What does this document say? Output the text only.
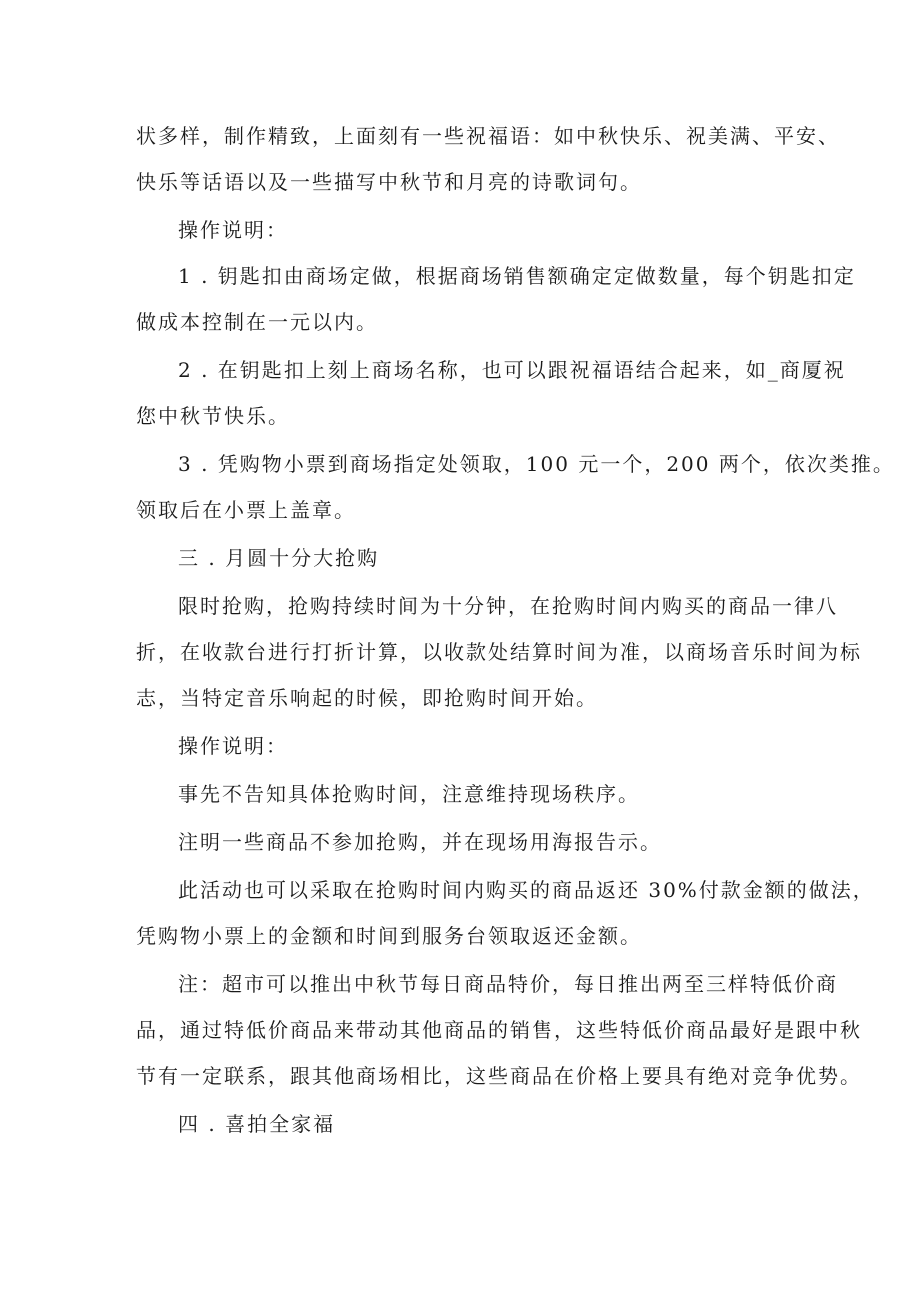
状多样，制作精致，上面刻有一些祝福语：如中秋快乐、祝美满、平安、
快乐等话语以及一些描写中秋节和月亮的诗歌词句。
操作说明：
1 . 钥匙扣由商场定做，根据商场销售额确定定做数量，每个钥匙扣定
做成本控制在一元以内。
2 . 在钥匙扣上刻上商场名称，也可以跟祝福语结合起来，如_商厦祝
您中秋节快乐。
3 . 凭购物小票到商场指定处领取，100 元一个，200 两个，依次类推。
领取后在小票上盖章。
三 . 月圆十分大抢购
限时抢购，抢购持续时间为十分钟，在抢购时间内购买的商品一律八
折，在收款台进行打折计算，以收款处结算时间为准，以商场音乐时间为标
志，当特定音乐响起的时候，即抢购时间开始。
操作说明：
事先不告知具体抢购时间，注意维持现场秩序。
注明一些商品不参加抢购，并在现场用海报告示。
此活动也可以采取在抢购时间内购买的商品返还 30%付款金额的做法，
凭购物小票上的金额和时间到服务台领取返还金额。
注：超市可以推出中秋节每日商品特价，每日推出两至三样特低价商
品，通过特低价商品来带动其他商品的销售，这些特低价商品最好是跟中秋
节有一定联系，跟其他商场相比，这些商品在价格上要具有绝对竞争优势。
四 . 喜拍全家福
